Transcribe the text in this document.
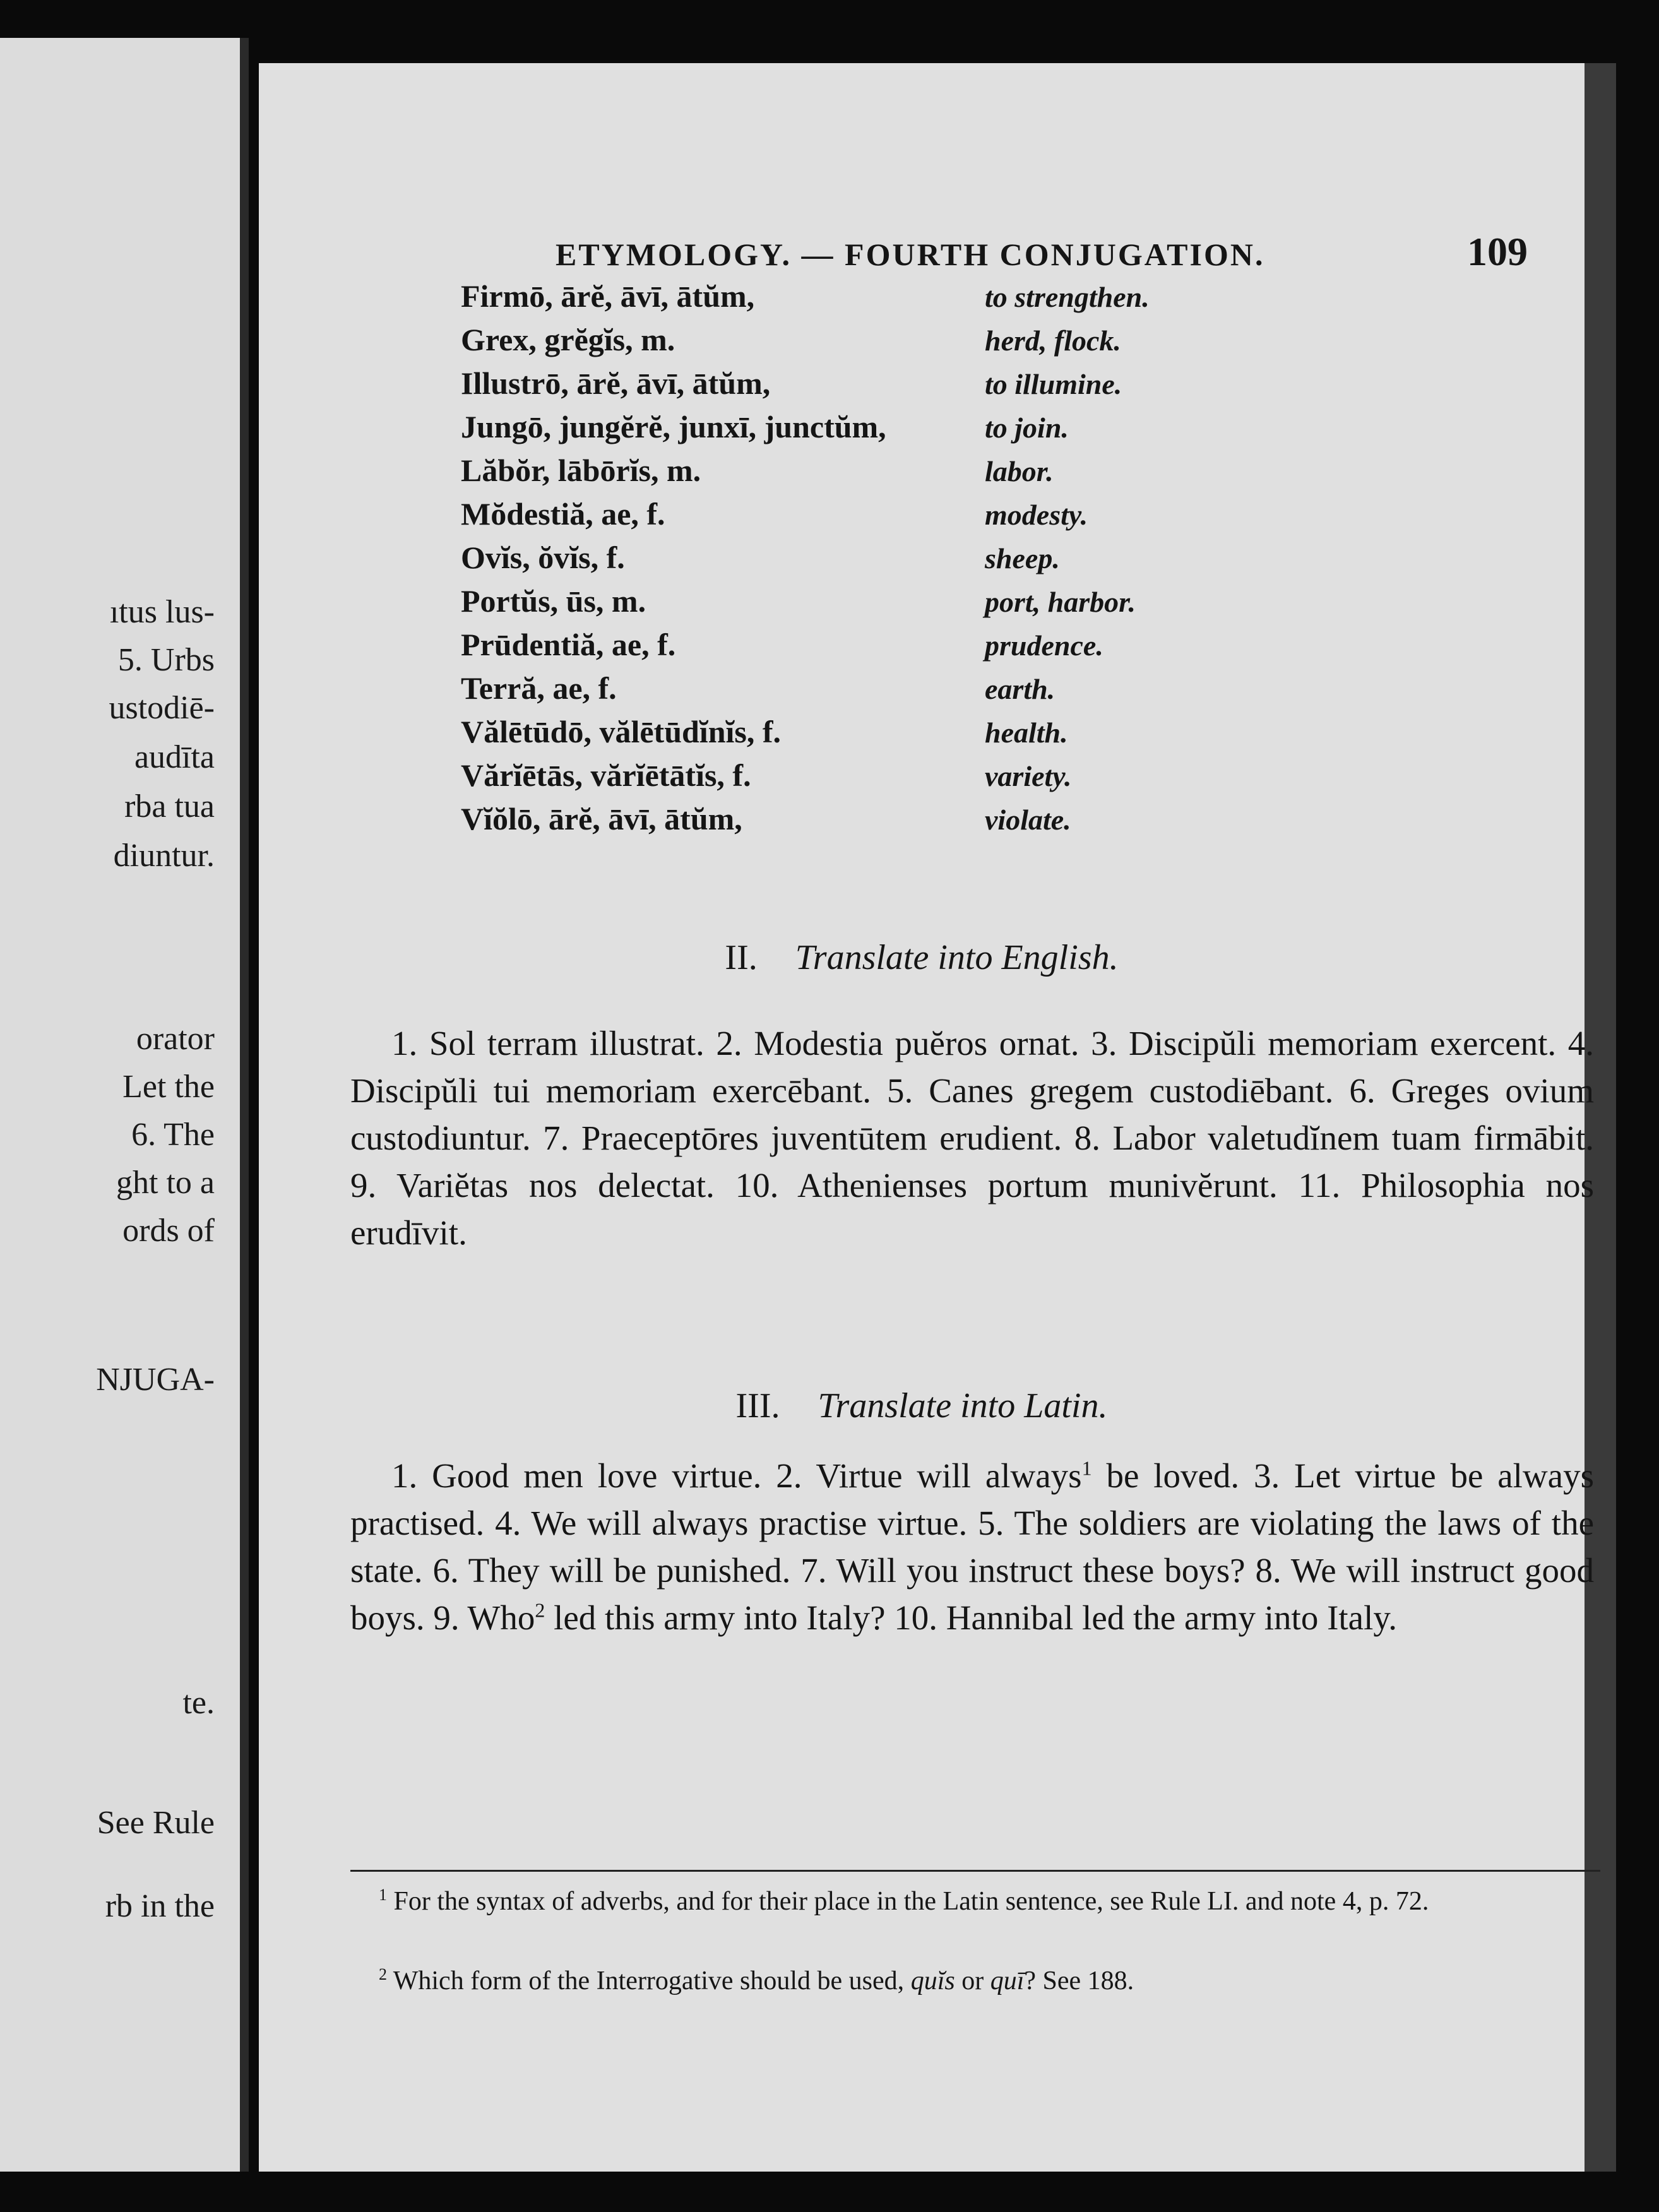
ıtus lus-
5. Urbs
ustodiē-
audīta
rba tua
diuntur.
orator
Let the
6. The
ght to a
ords of
NJUGA-
te.
See Rule
rb in the
ETYMOLOGY. — FOURTH CONJUGATION.	109
Firmō, ārĕ, āvī, ātŭm,	to strengthen.
Grex, grĕgĭs, m.	herd, flock.
Illustrō, ārĕ, āvī, ātŭm,	to illumine.
Jungō, jungĕrĕ, junxī, junctŭm,	to join.
Lăbŏr, lābōrĭs, m.	labor.
Mŏdestiă, ae, f.	modesty.
Ovĭs, ŏvĭs, f.	sheep.
Portŭs, ūs, m.	port, harbor.
Prūdentiă, ae, f.	prudence.
Terră, ae, f.	earth.
Vălētūdō, vălētūdĭnĭs, f.	health.
Vărĭētās, vărĭētātĭs, f.	variety.
Vĭŏlō, ārĕ, āvī, ātŭm,	violate.
II. Translate into English.
1. Sol terram illustrat. 2. Modestia puĕros ornat. 3. Discipŭli memoriam exercent. 4. Discipŭli tui memoriam exercēbant. 5. Canes gregem custodiēbant. 6. Greges ovium custodiuntur. 7. Praeceptōres juventūtem erudient. 8. Labor valetudĭnem tuam firmābit. 9. Variĕtas nos delectat. 10. Athenienses portum munivĕrunt. 11. Philosophia nos erudīvit.
III. Translate into Latin.
1. Good men love virtue. 2. Virtue will always$^1$ be loved. 3. Let virtue be always practised. 4. We will always practise virtue. 5. The soldiers are violating the laws of the state. 6. They will be punished. 7. Will you instruct these boys? 8. We will instruct good boys. 9. Who$^2$ led this army into Italy? 10. Hannibal led the army into Italy.
$^1$ For the syntax of adverbs, and for their place in the Latin sentence, see Rule LI. and note 4, p. 72.
$^2$ Which form of the Interrogative should be used, quĭs or quī? See 188.
